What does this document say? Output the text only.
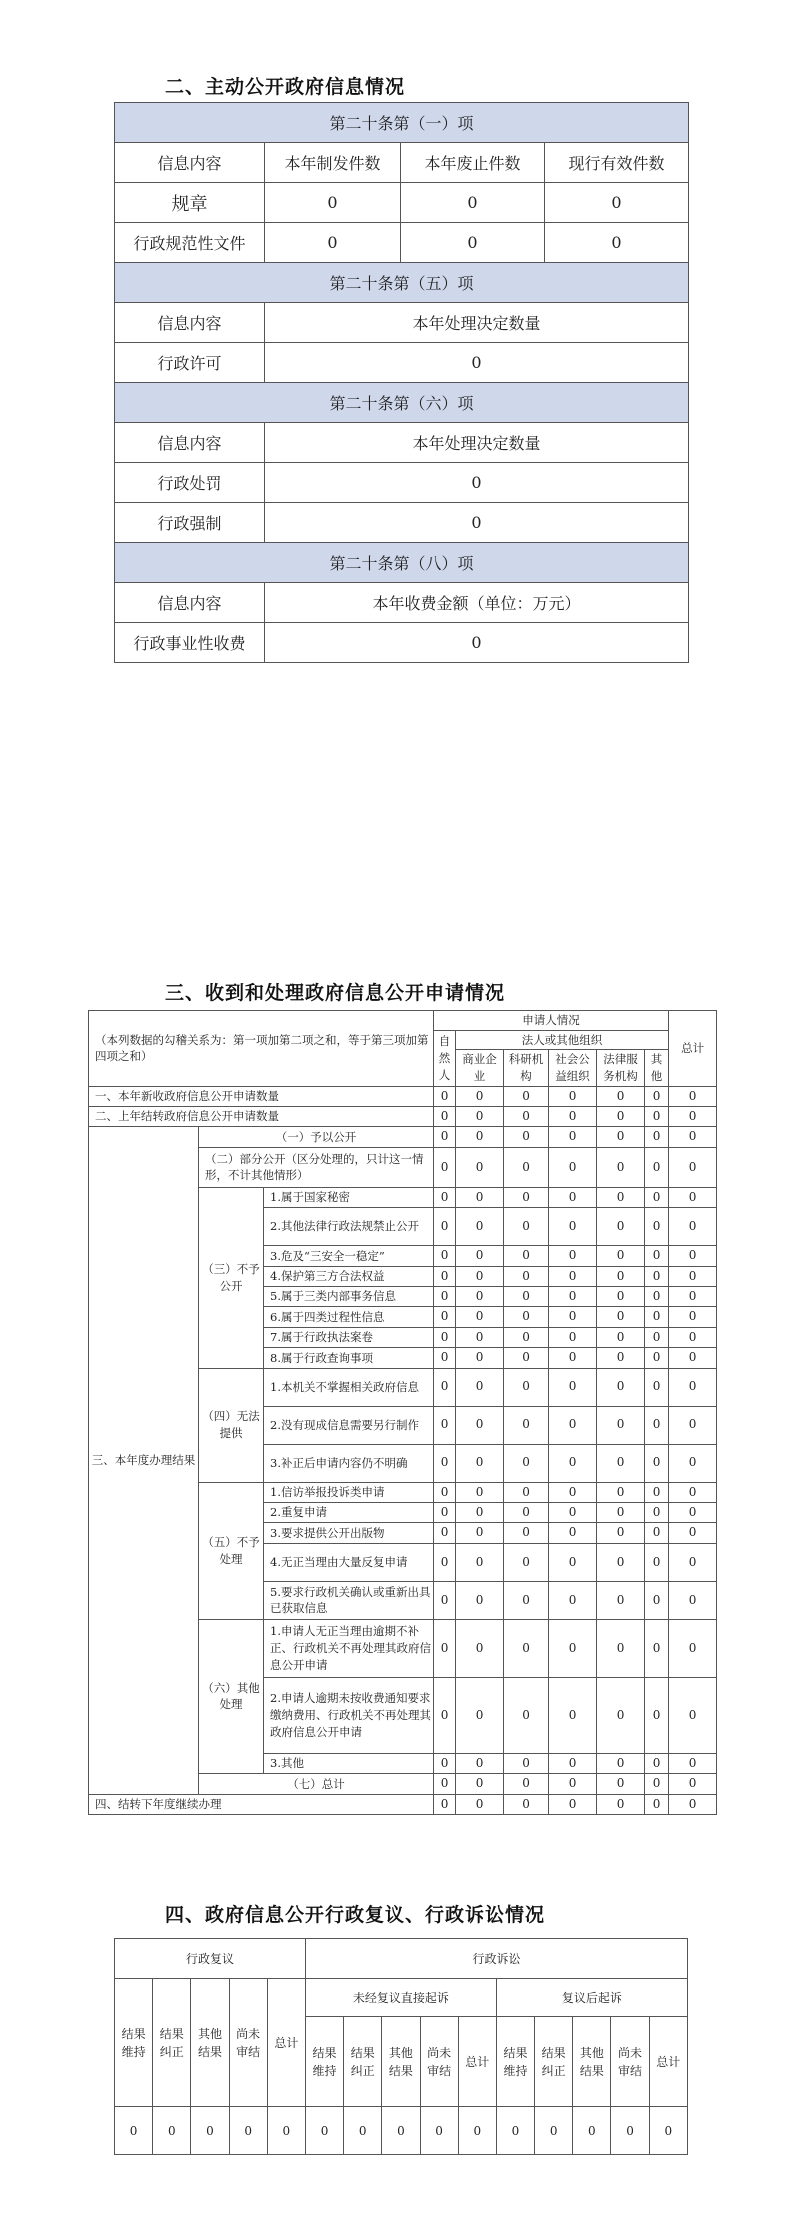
二、主动公开政府信息情况
第二十条第（一）项			
信息内容	本年制发件数	本年废止件数	现行有效件数
规章	0	0	0
行政规范性文件	0	0	0
第二十条第（五）项			
信息内容	本年处理决定数量		
行政许可	0		
第二十条第（六）项			
信息内容	本年处理决定数量		
行政处罚	0		
行政强制	0		
第二十条第（八）项			
信息内容	本年收费金额（单位：万元）		
行政事业性收费	0		
三、收到和处理政府信息公开申请情况
（本列数据的勾稽关系为：第一项加第二项之和，等于第三项加第四项之和）			申请人情况						总计
			自然人	法人或其他组织					
				商业企业	科研机构	社会公益组织	法律服务机构	其他	
一、本年新收政府信息公开申请数量			0	0	0	0	0	0	0
二、上年结转政府信息公开申请数量			0	0	0	0	0	0	0
三、本年度办理结果	（一）予以公开		0	0	0	0	0	0	0
	（二）部分公开（区分处理的，只计这一情形，不计其他情形）		0	0	0	0	0	0	0
	（三）不予公开	1.属于国家秘密	0	0	0	0	0	0	0
		2.其他法律行政法规禁止公开	0	0	0	0	0	0	0
		3.危及“三安全一稳定”	0	0	0	0	0	0	0
		4.保护第三方合法权益	0	0	0	0	0	0	0
		5.属于三类内部事务信息	0	0	0	0	0	0	0
		6.属于四类过程性信息	0	0	0	0	0	0	0
		7.属于行政执法案卷	0	0	0	0	0	0	0
		8.属于行政查询事项	0	0	0	0	0	0	0
	（四）无法提供	1.本机关不掌握相关政府信息	0	0	0	0	0	0	0
		2.没有现成信息需要另行制作	0	0	0	0	0	0	0
		3.补正后申请内容仍不明确	0	0	0	0	0	0	0
	（五）不予处理	1.信访举报投诉类申请	0	0	0	0	0	0	0
		2.重复申请	0	0	0	0	0	0	0
		3.要求提供公开出版物	0	0	0	0	0	0	0
		4.无正当理由大量反复申请	0	0	0	0	0	0	0
		5.要求行政机关确认或重新出具已获取信息	0	0	0	0	0	0	0
	（六）其他处理	1.申请人无正当理由逾期不补正、行政机关不再处理其政府信息公开申请	0	0	0	0	0	0	0
		2.申请人逾期未按收费通知要求缴纳费用、行政机关不再处理其政府信息公开申请	0	0	0	0	0	0	0
		3.其他	0	0	0	0	0	0	0
	（七）总计		0	0	0	0	0	0	0
四、结转下年度继续办理			0	0	0	0	0	0	0
四、政府信息公开行政复议、行政诉讼情况
行政复议					行政诉讼									
结果维持	结果纠正	其他结果	尚未审结	总计	未经复议直接起诉					复议后起诉				
					结果维持	结果纠正	其他结果	尚未审结	总计	结果维持	结果纠正	其他结果	尚未审结	总计
0	0	0	0	0	0	0	0	0	0	0	0	0	0	0
